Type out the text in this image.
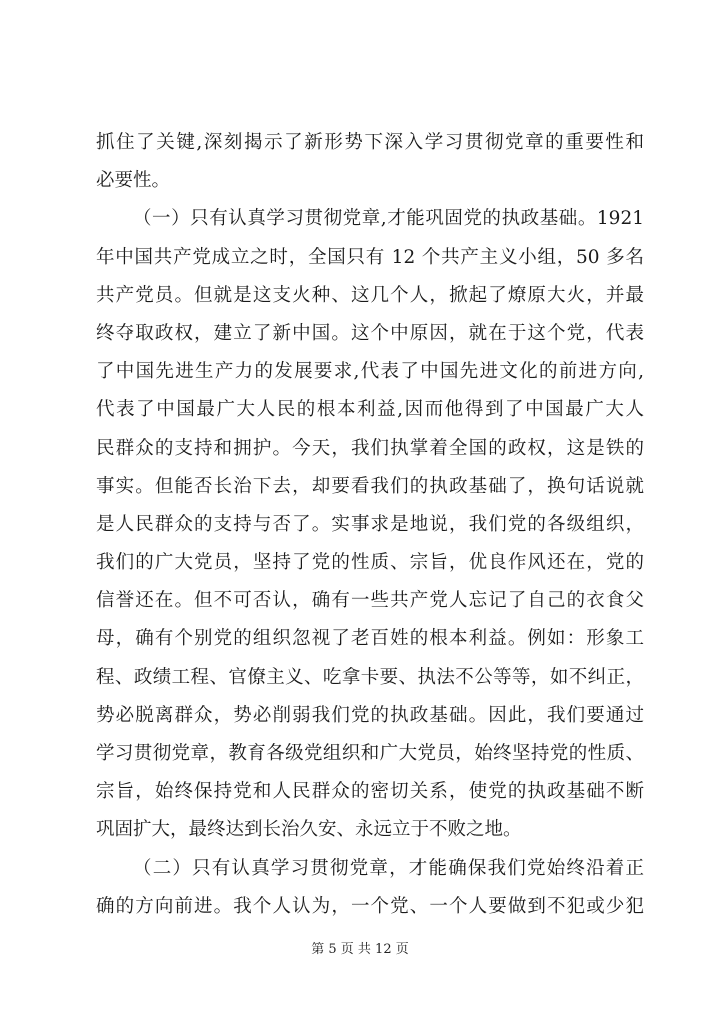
抓住了关键,深刻揭示了新形势下深入学习贯彻党章的重要性和
必要性。
（一）只有认真学习贯彻党章,才能巩固党的执政基础。1921
年中国共产党成立之时，全国只有 12 个共产主义小组，50 多名
共产党员。但就是这支火种、这几个人，掀起了燎原大火，并最
终夺取政权，建立了新中国。这个中原因，就在于这个党，代表
了中国先进生产力的发展要求,代表了中国先进文化的前进方向,
代表了中国最广大人民的根本利益,因而他得到了中国最广大人
民群众的支持和拥护。今天，我们执掌着全国的政权，这是铁的
事实。但能否长治下去，却要看我们的执政基础了，换句话说就
是人民群众的支持与否了。实事求是地说，我们党的各级组织，
我们的广大党员，坚持了党的性质、宗旨，优良作风还在，党的
信誉还在。但不可否认，确有一些共产党人忘记了自己的衣食父
母，确有个别党的组织忽视了老百姓的根本利益。例如：形象工
程、政绩工程、官僚主义、吃拿卡要、执法不公等等，如不纠正，
势必脱离群众，势必削弱我们党的执政基础。因此，我们要通过
学习贯彻党章，教育各级党组织和广大党员，始终坚持党的性质、
宗旨，始终保持党和人民群众的密切关系，使党的执政基础不断
巩固扩大，最终达到长治久安、永远立于不败之地。
（二）只有认真学习贯彻党章，才能确保我们党始终沿着正
确的方向前进。我个人认为，一个党、一个人要做到不犯或少犯
第 5 页 共 12 页
